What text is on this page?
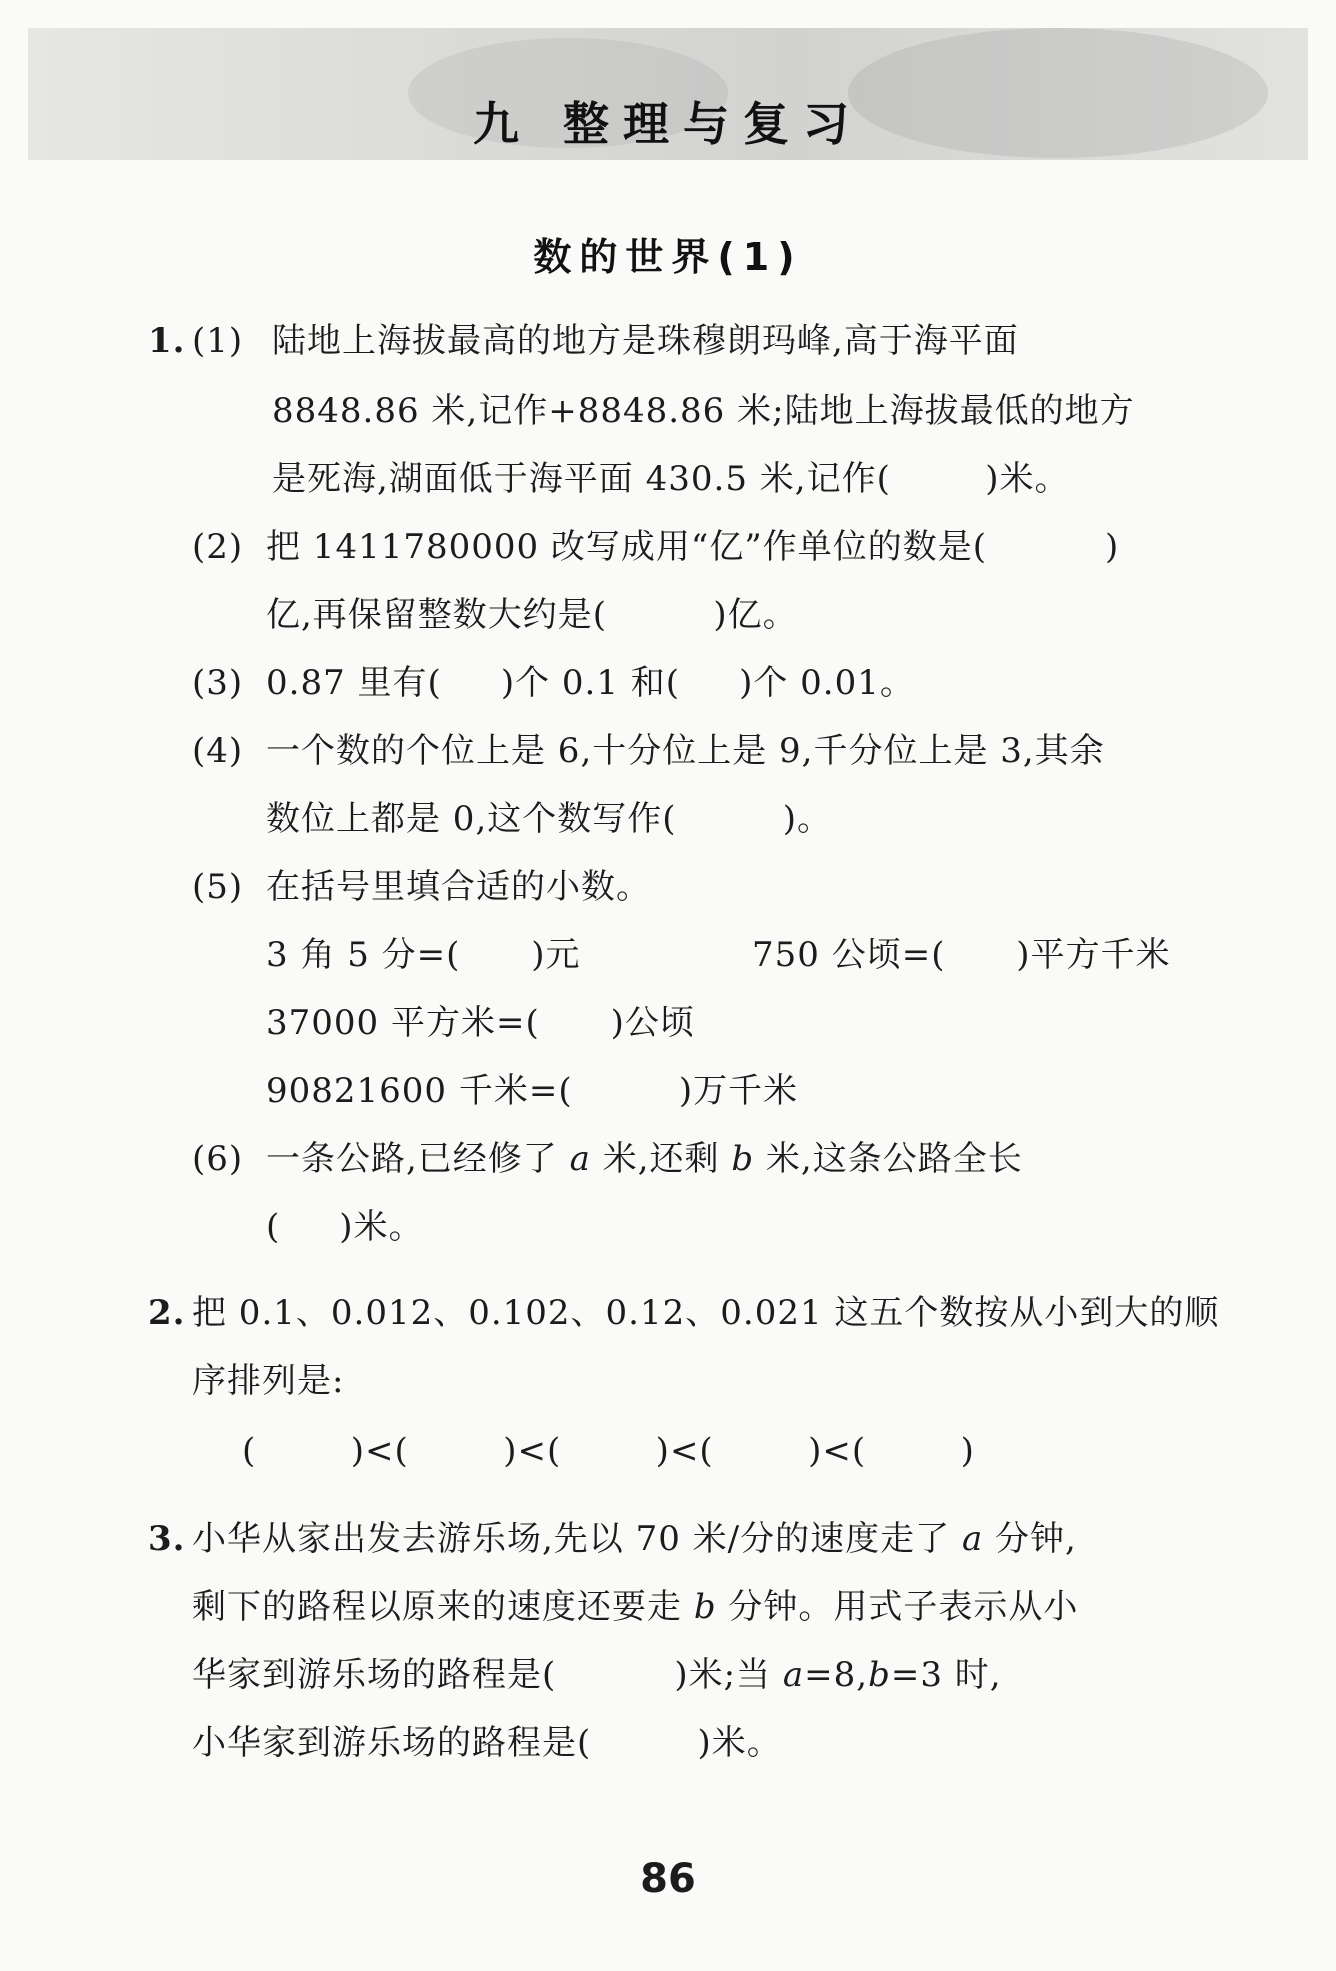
九 整理与复习
数的世界(1)
1. (1) 陆地上海拔最高的地方是珠穆朗玛峰,高于海平面
8848.86 米,记作+8848.86 米;陆地上海拔最低的地方
是死海,湖面低于海平面 430.5 米,记作(        )米。
(2) 把 1411780000 改写成用“亿”作单位的数是(          )
亿,再保留整数大约是(         )亿。
(3) 0.87 里有(     )个 0.1 和(     )个 0.01。
(4) 一个数的个位上是 6,十分位上是 9,千分位上是 3,其余
数位上都是 0,这个数写作(         )。
(5) 在括号里填合适的小数。
3 角 5 分=(      )元	750 公顷=(      )平方千米
37000 平方米=(      )公顷
90821600 千米=(         )万千米
(6) 一条公路,已经修了 a 米,还剩 b 米,这条公路全长
(     )米。
2. 把 0.1、0.012、0.102、0.12、0.021 这五个数按从小到大的顺
序排列是:
(        )<(        )<(        )<(        )<(        )
3. 小华从家出发去游乐场,先以 70 米/分的速度走了 a 分钟,
剩下的路程以原来的速度还要走 b 分钟。用式子表示从小
华家到游乐场的路程是(          )米;当 a=8,b=3 时,
小华家到游乐场的路程是(         )米。
86
